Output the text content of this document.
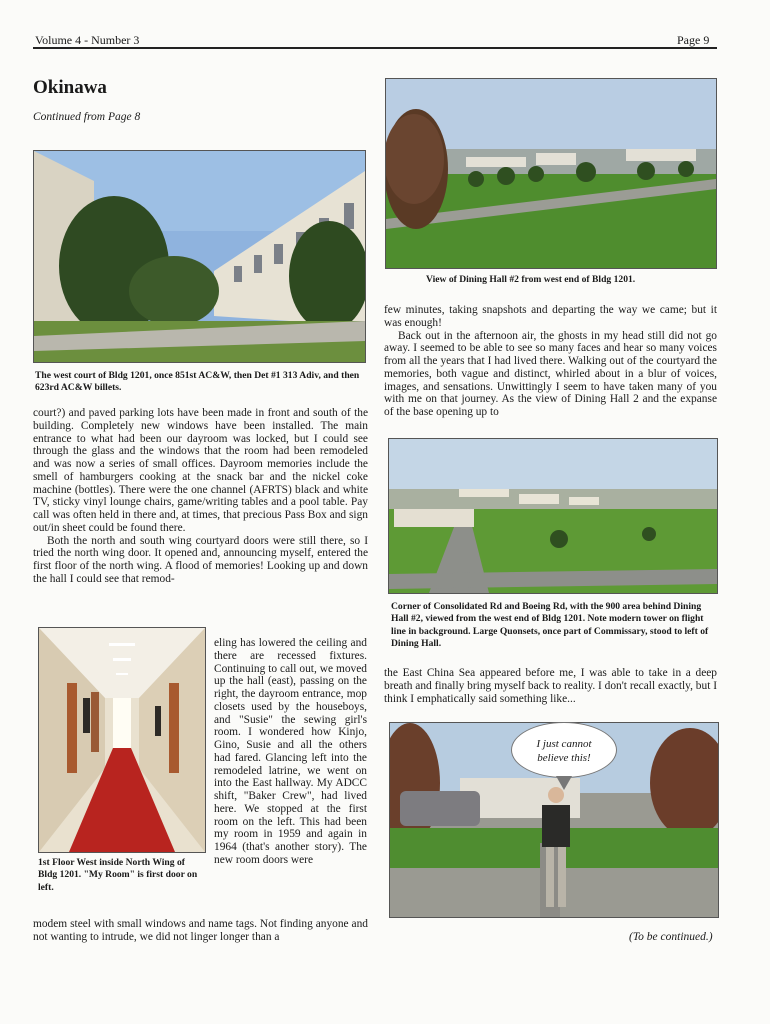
Volume 4 - Number 3	Page 9
Okinawa
Continued from Page 8
The west court of Bldg 1201, once 851st AC&W, then Det #1 313 Adiv, and then 623rd AC&W billets.

court?) and paved parking lots have been made in front and south of the building. Completely new windows have been installed. The main entrance to what had been our dayroom was locked, but I could see through the glass and the windows that the room had been remodeled and was now a series of small offices. Dayroom memories include the smell of hamburgers cooking at the snack bar and the nickel coke machine (bottles). There were the one channel (AFRTS) black and white TV, sticky vinyl lounge chairs, game/writing tables and a pool table. Pay call was often held in there and, at times, that precious Pass Box and sign out/in sheet could be found there.

Both the north and south wing courtyard doors were still there, so I tried the north wing door. It opened and, announcing myself, entered the first floor of the north wing. A flood of memories! Looking up and down the hall I could see that remod-

1st Floor West inside North Wing of Bldg 1201. "My Room" is first door on left.

eling has lowered the ceiling and there are recessed fixtures. Continuing to call out, we moved up the hall (east), passing on the right, the dayroom entrance, mop closets used by the houseboys, and "Susie" the sewing girl's room. I wondered how Kinjo, Gino, Susie and all the others had fared. Glancing left into the remodeled latrine, we went on into the East hallway. My ADCC shift, "Baker Crew", had lived here. We stopped at the first room on the left. This had been my room in 1959 and again in 1964 (that's another story). The new room doors were

modem steel with small windows and name tags. Not finding anyone and not wanting to intrude, we did not linger longer than a

View of Dining Hall #2 from west end of Bldg 1201.

few minutes, taking snapshots and departing the way we came; but it was enough!

Back out in the afternoon air, the ghosts in my head still did not go away. I seemed to be able to see so many faces and hear so many voices from all the years that I had lived there. Walking out of the courtyard the memories, both vague and distinct, whirled about in a blur of voices, images, and sensations. Unwittingly I seem to have taken many of you with me on that journey. As the view of Dining Hall 2 and the expanse of the base opening up to

Corner of Consolidated Rd and Boeing Rd, with the 900 area behind Dining Hall #2, viewed from the west end of Bldg 1201. Note modern tower on flight line in background. Large Quonsets, once part of Commissary, stood to left of Dining Hall.

the East China Sea appeared before me, I was able to take in a deep breath and finally bring myself back to reality. I don't recall exactly, but I think I emphatically said something like...

I just cannot
believe this!
(To be continued.)
